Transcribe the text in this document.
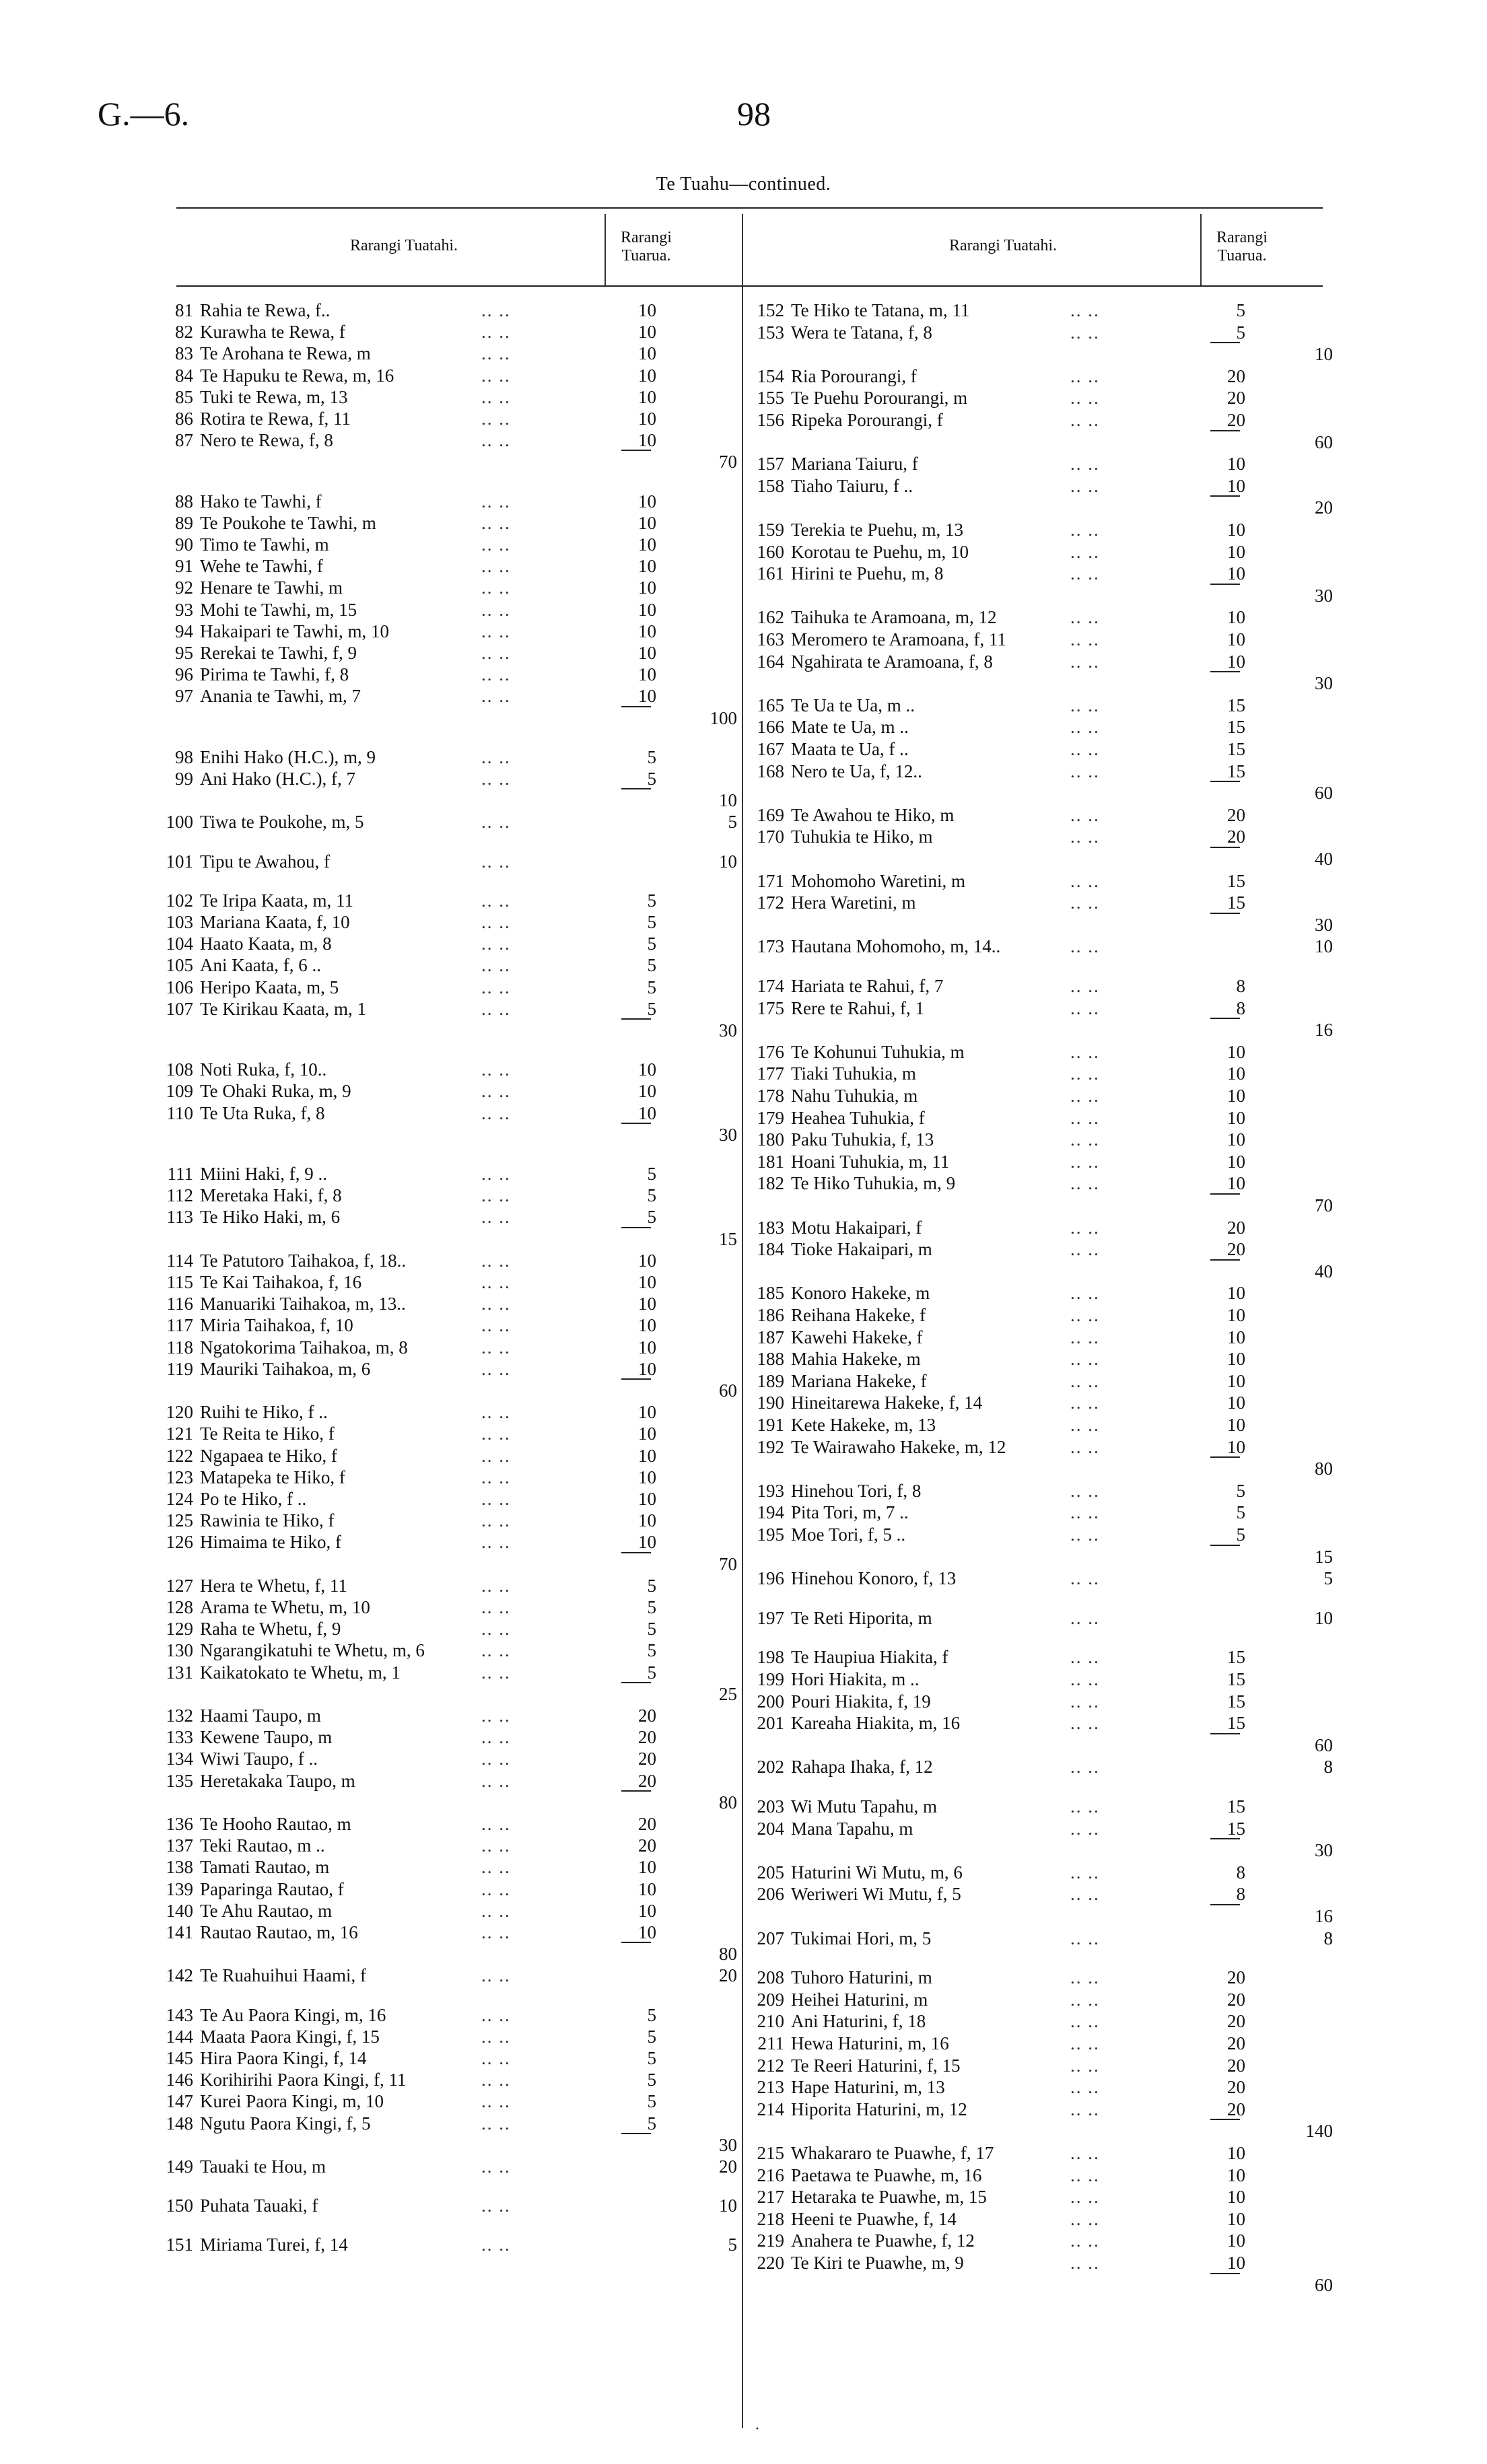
G.—6.	98
Te Tuahu—continued.
Rarangi Tuatahi.	Rarangi Tuarua.
Rarangi Tuatahi.	Rarangi Tuarua.
81 Rahia te Rewa, f..	.. ..	10
82 Kurawha te Rewa, f	.. ..	10
83 Te Arohana te Rewa, m	.. ..	10
84 Te Hapuku te Rewa, m, 16	.. ..	10
85 Tuki te Rewa, m, 13	.. ..	10
86 Rotira te Rewa, f, 11	.. ..	10
87 Nero te Rewa, f, 8	.. ..	10
70
88 Hako te Tawhi, f	.. ..	10
89 Te Poukohe te Tawhi, m	.. ..	10
90 Timo te Tawhi, m	.. ..	10
91 Wehe te Tawhi, f	.. ..	10
92 Henare te Tawhi, m	.. ..	10
93 Mohi te Tawhi, m, 15	.. ..	10
94 Hakaipari te Tawhi, m, 10	.. ..	10
95 Rerekai te Tawhi, f, 9	.. ..	10
96 Pirima te Tawhi, f, 8	.. ..	10
97 Anania te Tawhi, m, 7	.. ..	10
100
98 Enihi Hako (H.C.), m, 9	.. ..	5
99 Ani Hako (H.C.), f, 7	.. ..	5
10
100 Tiwa te Poukohe, m, 5	.. ..	5
101 Tipu te Awahou, f	.. ..	10
102 Te Iripa Kaata, m, 11	.. ..	5
103 Mariana Kaata, f, 10	.. ..	5
104 Haato Kaata, m, 8	.. ..	5
105 Ani Kaata, f, 6 ..	.. ..	5
106 Heripo Kaata, m, 5	.. ..	5
107 Te Kirikau Kaata, m, 1	.. ..	5
30
108 Noti Ruka, f, 10..	.. ..	10
109 Te Ohaki Ruka, m, 9	.. ..	10
110 Te Uta Ruka, f, 8	.. ..	10
30
111 Miini Haki, f, 9 ..	.. ..	5
112 Meretaka Haki, f, 8	.. ..	5
113 Te Hiko Haki, m, 6	.. ..	5
15
114 Te Patutoro Taihakoa, f, 18..	.. ..	10
115 Te Kai Taihakoa, f, 16	.. ..	10
116 Manuariki Taihakoa, m, 13..	.. ..	10
117 Miria Taihakoa, f, 10	.. ..	10
118 Ngatokorima Taihakoa, m, 8	.. ..	10
119 Mauriki Taihakoa, m, 6	.. ..	10
60
120 Ruihi te Hiko, f ..	.. ..	10
121 Te Reita te Hiko, f	.. ..	10
122 Ngapaea te Hiko, f	.. ..	10
123 Matapeka te Hiko, f	.. ..	10
124 Po te Hiko, f ..	.. ..	10
125 Rawinia te Hiko, f	.. ..	10
126 Himaima te Hiko, f	.. ..	10
70
127 Hera te Whetu, f, 11	.. ..	5
128 Arama te Whetu, m, 10	.. ..	5
129 Raha te Whetu, f, 9	.. ..	5
130 Ngarangikatuhi te Whetu, m, 6	.. ..	5
131 Kaikatokato te Whetu, m, 1	.. ..	5
25
132 Haami Taupo, m	.. ..	20
133 Kewene Taupo, m	.. ..	20
134 Wiwi Taupo, f ..	.. ..	20
135 Heretakaka Taupo, m	.. ..	20
80
136 Te Hooho Rautao, m	.. ..	20
137 Teki Rautao, m ..	.. ..	20
138 Tamati Rautao, m	.. ..	10
139 Paparinga Rautao, f	.. ..	10
140 Te Ahu Rautao, m	.. ..	10
141 Rautao Rautao, m, 16	.. ..	10
80
142 Te Ruahuihui Haami, f	.. ..	20
143 Te Au Paora Kingi, m, 16	.. ..	5
144 Maata Paora Kingi, f, 15	.. ..	5
145 Hira Paora Kingi, f, 14	.. ..	5
146 Korihirihi Paora Kingi, f, 11	.. ..	5
147 Kurei Paora Kingi, m, 10	.. ..	5
148 Ngutu Paora Kingi, f, 5	.. ..	5
30
149 Tauaki te Hou, m	.. ..	20
150 Puhata Tauaki, f	.. ..	10
151 Miriama Turei, f, 14	.. ..	5
152 Te Hiko te Tatana, m, 11	.. ..	5
153 Wera te Tatana, f, 8	.. ..	5
10
154 Ria Porourangi, f	.. ..	20
155 Te Puehu Porourangi, m	.. ..	20
156 Ripeka Porourangi, f	.. ..	20
60
157 Mariana Taiuru, f	.. ..	10
158 Tiaho Taiuru, f ..	.. ..	10
20
159 Terekia te Puehu, m, 13	.. ..	10
160 Korotau te Puehu, m, 10	.. ..	10
161 Hirini te Puehu, m, 8	.. ..	10
30
162 Taihuka te Aramoana, m, 12	.. ..	10
163 Meromero te Aramoana, f, 11	.. ..	10
164 Ngahirata te Aramoana, f, 8	.. ..	10
30
165 Te Ua te Ua, m ..	.. ..	15
166 Mate te Ua, m ..	.. ..	15
167 Maata te Ua, f ..	.. ..	15
168 Nero te Ua, f, 12..	.. ..	15
60
169 Te Awahou te Hiko, m	.. ..	20
170 Tuhukia te Hiko, m	.. ..	20
40
171 Mohomoho Waretini, m	.. ..	15
172 Hera Waretini, m	.. ..	15
30
173 Hautana Mohomoho, m, 14..	.. ..	10
174 Hariata te Rahui, f, 7	.. ..	8
175 Rere te Rahui, f, 1	.. ..	8
16
176 Te Kohunui Tuhukia, m	.. ..	10
177 Tiaki Tuhukia, m	.. ..	10
178 Nahu Tuhukia, m	.. ..	10
179 Heahea Tuhukia, f	.. ..	10
180 Paku Tuhukia, f, 13	.. ..	10
181 Hoani Tuhukia, m, 11	.. ..	10
182 Te Hiko Tuhukia, m, 9	.. ..	10
70
183 Motu Hakaipari, f	.. ..	20
184 Tioke Hakaipari, m	.. ..	20
40
185 Konoro Hakeke, m	.. ..	10
186 Reihana Hakeke, f	.. ..	10
187 Kawehi Hakeke, f	.. ..	10
188 Mahia Hakeke, m	.. ..	10
189 Mariana Hakeke, f	.. ..	10
190 Hineitarewa Hakeke, f, 14	.. ..	10
191 Kete Hakeke, m, 13	.. ..	10
192 Te Wairawaho Hakeke, m, 12	.. ..	10
80
193 Hinehou Tori, f, 8	.. ..	5
194 Pita Tori, m, 7 ..	.. ..	5
195 Moe Tori, f, 5 ..	.. ..	5
15
196 Hinehou Konoro, f, 13	.. ..	5
197 Te Reti Hiporita, m	.. ..	10
198 Te Haupiua Hiakita, f	.. ..	15
199 Hori Hiakita, m ..	.. ..	15
200 Pouri Hiakita, f, 19	.. ..	15
201 Kareaha Hiakita, m, 16	.. ..	15
60
202 Rahapa Ihaka, f, 12	.. ..	8
203 Wi Mutu Tapahu, m	.. ..	15
204 Mana Tapahu, m	.. ..	15
30
205 Haturini Wi Mutu, m, 6	.. ..	8
206 Weriweri Wi Mutu, f, 5	.. ..	8
16
207 Tukimai Hori, m, 5	.. ..	8
208 Tuhoro Haturini, m	.. ..	20
209 Heihei Haturini, m	.. ..	20
210 Ani Haturini, f, 18	.. ..	20
211 Hewa Haturini, m, 16	.. ..	20
212 Te Reeri Haturini, f, 15	.. ..	20
213 Hape Haturini, m, 13	.. ..	20
214 Hiporita Haturini, m, 12	.. ..	20
140
215 Whakararo te Puawhe, f, 17	.. ..	10
216 Paetawa te Puawhe, m, 16	.. ..	10
217 Hetaraka te Puawhe, m, 15	.. ..	10
218 Heeni te Puawhe, f, 14	.. ..	10
219 Anahera te Puawhe, f, 12	.. ..	10
220 Te Kiri te Puawhe, m, 9	.. ..	10
60
·
